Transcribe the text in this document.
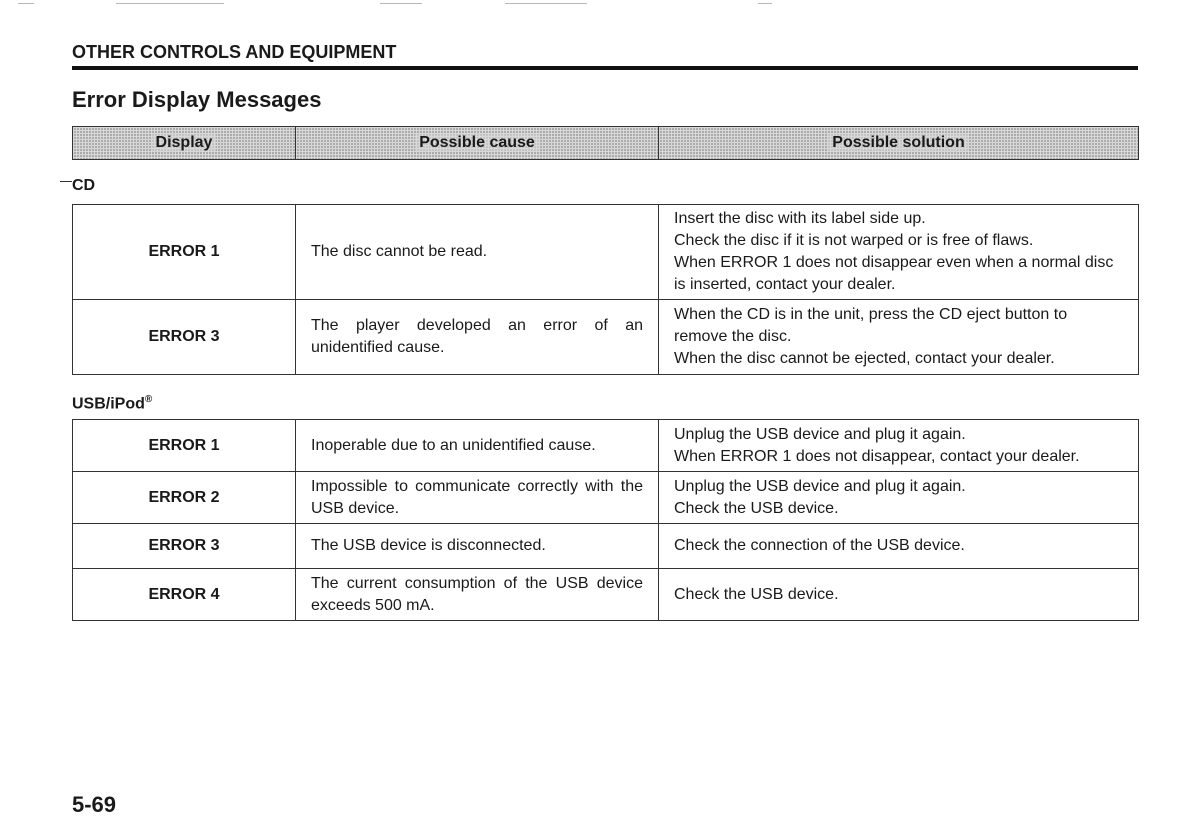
OTHER CONTROLS AND EQUIPMENT
Error Display Messages
Display	Possible cause	Possible solution
CD
ERROR 1	The disc cannot be read.	Insert the disc with its label side up.
Check the disc if it is not warped or is free of flaws.
When ERROR 1 does not disappear even when a normal disc is inserted, contact your dealer.

ERROR 3	The player developed an error of an unidentified cause.	When the CD is in the unit, press the CD eject button to remove the disc.
When the disc cannot be ejected, contact your dealer.
USB/iPod®
ERROR 1	Inoperable due to an unidentified cause.	Unplug the USB device and plug it again.
When ERROR 1 does not disappear, contact your dealer.

ERROR 2	Impossible to communicate correctly with the USB device.	Unplug the USB device and plug it again.
Check the USB device.

ERROR 3	The USB device is disconnected.	Check the connection of the USB device.

ERROR 4	The current consumption of the USB device exceeds 500 mA.	Check the USB device.
5-69
